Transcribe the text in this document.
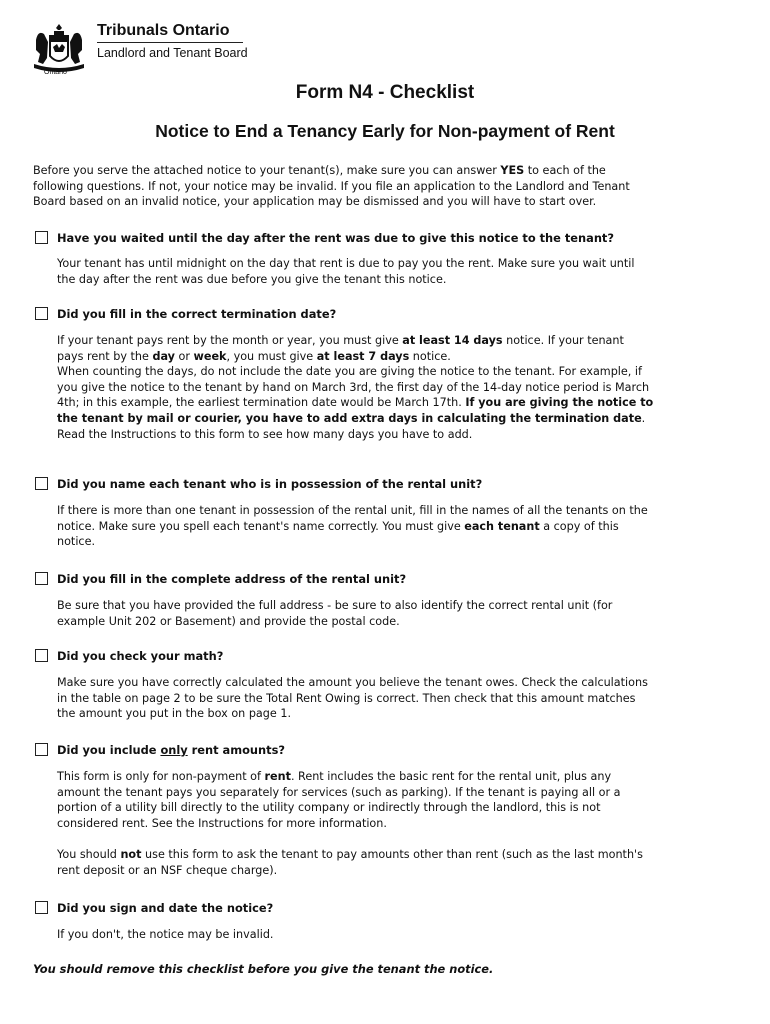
Ontario
Tribunals Ontario
Landlord and Tenant Board
Form N4 - Checklist
Notice to End a Tenancy Early for Non-payment of Rent
Before you serve the attached notice to your tenant(s), make sure you can answer YES to each of the
following questions. If not, your notice may be invalid. If you file an application to the Landlord and Tenant
Board based on an invalid notice, your application may be dismissed and you will have to start over.
Have you waited until the day after the rent was due to give this notice to the tenant?
Your tenant has until midnight on the day that rent is due to pay you the rent. Make sure you wait until
the day after the rent was due before you give the tenant this notice.
Did you fill in the correct termination date?
If your tenant pays rent by the month or year, you must give at least 14 days notice. If your tenant
pays rent by the day or week, you must give at least 7 days notice.
When counting the days, do not include the date you are giving the notice to the tenant. For example, if
you give the notice to the tenant by hand on March 3rd, the first day of the 14-day notice period is March
4th; in this example, the earliest termination date would be March 17th. If you are giving the notice to
the tenant by mail or courier, you have to add extra days in calculating the termination date.
Read the Instructions to this form to see how many days you have to add.
Did you name each tenant who is in possession of the rental unit?
If there is more than one tenant in possession of the rental unit, fill in the names of all the tenants on the
notice. Make sure you spell each tenant's name correctly. You must give each tenant a copy of this
notice.
Did you fill in the complete address of the rental unit?
Be sure that you have provided the full address - be sure to also identify the correct rental unit (for
example Unit 202 or Basement) and provide the postal code.
Did you check your math?
Make sure you have correctly calculated the amount you believe the tenant owes. Check the calculations
in the table on page 2 to be sure the Total Rent Owing is correct. Then check that this amount matches
the amount you put in the box on page 1.
Did you include only rent amounts?
This form is only for non-payment of rent. Rent includes the basic rent for the rental unit, plus any
amount the tenant pays you separately for services (such as parking). If the tenant is paying all or a
portion of a utility bill directly to the utility company or indirectly through the landlord, this is not
considered rent. See the Instructions for more information.
You should not use this form to ask the tenant to pay amounts other than rent (such as the last month's
rent deposit or an NSF cheque charge).
Did you sign and date the notice?
If you don't, the notice may be invalid.
You should remove this checklist before you give the tenant the notice.
